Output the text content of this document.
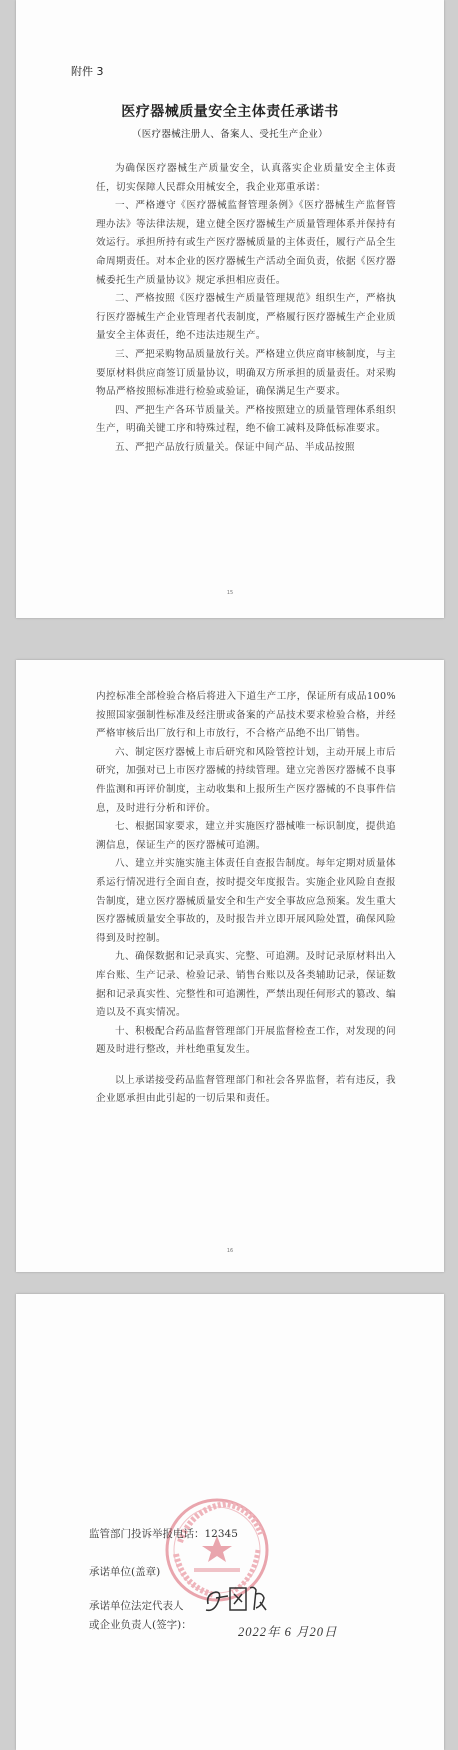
附件 3
医疗器械质量安全主体责任承诺书
（医疗器械注册人、备案人、受托生产企业）

为确保医疗器械生产质量安全，认真落实企业质量安全主体责任，切实保障人民群众用械安全，我企业郑重承诺：

一、严格遵守《医疗器械监督管理条例》《医疗器械生产监督管理办法》等法律法规，建立健全医疗器械生产质量管理体系并保持有效运行。承担所持有或生产医疗器械质量的主体责任，履行产品全生命周期责任。对本企业的医疗器械生产活动全面负责，依据《医疗器械委托生产质量协议》规定承担相应责任。

二、严格按照《医疗器械生产质量管理规范》组织生产，严格执行医疗器械生产企业管理者代表制度，严格履行医疗器械生产企业质量安全主体责任，绝不违法违规生产。

三、严把采购物品质量放行关。严格建立供应商审核制度，与主要原材料供应商签订质量协议，明确双方所承担的质量责任。对采购物品严格按照标准进行检验或验证，确保满足生产要求。

四、严把生产各环节质量关。严格按照建立的质量管理体系组织生产，明确关键工序和特殊过程，绝不偷工减料及降低标准要求。

五、严把产品放行质量关。保证中间产品、半成品按照

15

内控标准全部检验合格后将进入下道生产工序，保证所有成品100%按照国家强制性标准及经注册或备案的产品技术要求检验合格，并经严格审核后出厂放行和上市放行，不合格产品绝不出厂销售。

六、制定医疗器械上市后研究和风险管控计划，主动开展上市后研究，加强对已上市医疗器械的持续管理。建立完善医疗器械不良事件监测和再评价制度，主动收集和上报所生产医疗器械的不良事件信息，及时进行分析和评价。

七、根据国家要求，建立并实施医疗器械唯一标识制度，提供追溯信息，保证生产的医疗器械可追溯。

八、建立并实施实施主体责任自查报告制度。每年定期对质量体系运行情况进行全面自查，按时提交年度报告。实施企业风险自查报告制度，建立医疗器械质量安全和生产安全事故应急预案。发生重大医疗器械质量安全事故的，及时报告并立即开展风险处置，确保风险得到及时控制。

九、确保数据和记录真实、完整、可追溯。及时记录原材料出入库台账、生产记录、检验记录、销售台账以及各类辅助记录，保证数据和记录真实性、完整性和可追溯性，严禁出现任何形式的篡改、编造以及不真实情况。

十、积极配合药品监督管理部门开展监督检查工作，对发现的问题及时进行整改，并杜绝重复发生。

以上承诺接受药品监督管理部门和社会各界监督，若有违反，我企业愿承担由此引起的一切后果和责任。

16
监管部门投诉举报电话：12345
承诺单位(盖章)
承诺单位法定代表人
或企业负责人(签字)：	2022年 6 月20日
